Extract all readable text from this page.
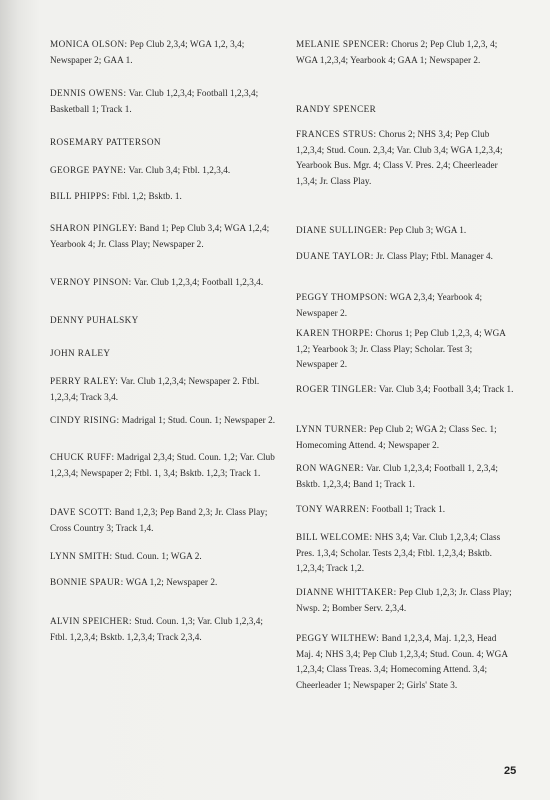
MONICA OLSON: Pep Club 2,3,4; WGA 1,2, 3,4; Newspaper 2; GAA 1.

DENNIS OWENS: Var. Club 1,2,3,4; Football 1,2,3,4; Basketball 1; Track 1.

ROSEMARY PATTERSON

GEORGE PAYNE: Var. Club 3,4; Ftbl. 1,2,3,4.

BILL PHIPPS: Ftbl. 1,2; Bsktb. 1.

SHARON PINGLEY: Band 1; Pep Club 3,4; WGA 1,2,4; Yearbook 4; Jr. Class Play; Newspaper 2.

VERNOY PINSON: Var. Club 1,2,3,4; Football 1,2,3,4.

DENNY PUHALSKY

JOHN RALEY

PERRY RALEY: Var. Club 1,2,3,4; Newspaper 2. Ftbl. 1,2,3,4; Track 3,4.

CINDY RISING: Madrigal 1; Stud. Coun. 1; Newspaper 2.

CHUCK RUFF: Madrigal 2,3,4; Stud. Coun. 1,2; Var. Club 1,2,3,4; Newspaper 2; Ftbl. 1, 3,4; Bsktb. 1,2,3; Track 1.

DAVE SCOTT: Band 1,2,3; Pep Band 2,3; Jr. Class Play; Cross Country 3; Track 1,4.

LYNN SMITH: Stud. Coun. 1; WGA 2.

BONNIE SPAUR: WGA 1,2; Newspaper 2.

ALVIN SPEICHER: Stud. Coun. 1,3; Var. Club 1,2,3,4; Ftbl. 1,2,3,4; Bsktb. 1,2,3,4; Track 2,3,4.

MELANIE SPENCER: Chorus 2; Pep Club 1,2,3, 4; WGA 1,2,3,4; Yearbook 4; GAA 1; Newspaper 2.

RANDY SPENCER

FRANCES STRUS: Chorus 2; NHS 3,4; Pep Club 1,2,3,4; Stud. Coun. 2,3,4; Var. Club 3,4; WGA 1,2,3,4; Yearbook Bus. Mgr. 4; Class V. Pres. 2,4; Cheerleader 1,3,4; Jr. Class Play.

DIANE SULLINGER: Pep Club 3; WGA 1.

DUANE TAYLOR: Jr. Class Play; Ftbl. Manager 4.

PEGGY THOMPSON: WGA 2,3,4; Yearbook 4; Newspaper 2.

KAREN THORPE: Chorus 1; Pep Club 1,2,3, 4; WGA 1,2; Yearbook 3; Jr. Class Play; Scholar. Test 3; Newspaper 2.

ROGER TINGLER: Var. Club 3,4; Football 3,4; Track 1.

LYNN TURNER: Pep Club 2; WGA 2; Class Sec. 1; Homecoming Attend. 4; Newspaper 2.

RON WAGNER: Var. Club 1,2,3,4; Football 1, 2,3,4; Bsktb. 1,2,3,4; Band 1; Track 1.

TONY WARREN: Football 1; Track 1.

BILL WELCOME: NHS 3,4; Var. Club 1,2,3,4; Class Pres. 1,3,4; Scholar. Tests 2,3,4; Ftbl. 1,2,3,4; Bsktb. 1,2,3,4; Track 1,2.

DIANNE WHITTAKER: Pep Club 1,2,3; Jr. Class Play; Nwsp. 2; Bomber Serv. 2,3,4.

PEGGY WILTHEW: Band 1,2,3,4, Maj. 1,2,3, Head Maj. 4; NHS 3,4; Pep Club 1,2,3,4; Stud. Coun. 4; WGA 1,2,3,4; Class Treas. 3,4; Homecoming Attend. 3,4; Cheerleader 1; Newspaper 2; Girls' State 3.

25
